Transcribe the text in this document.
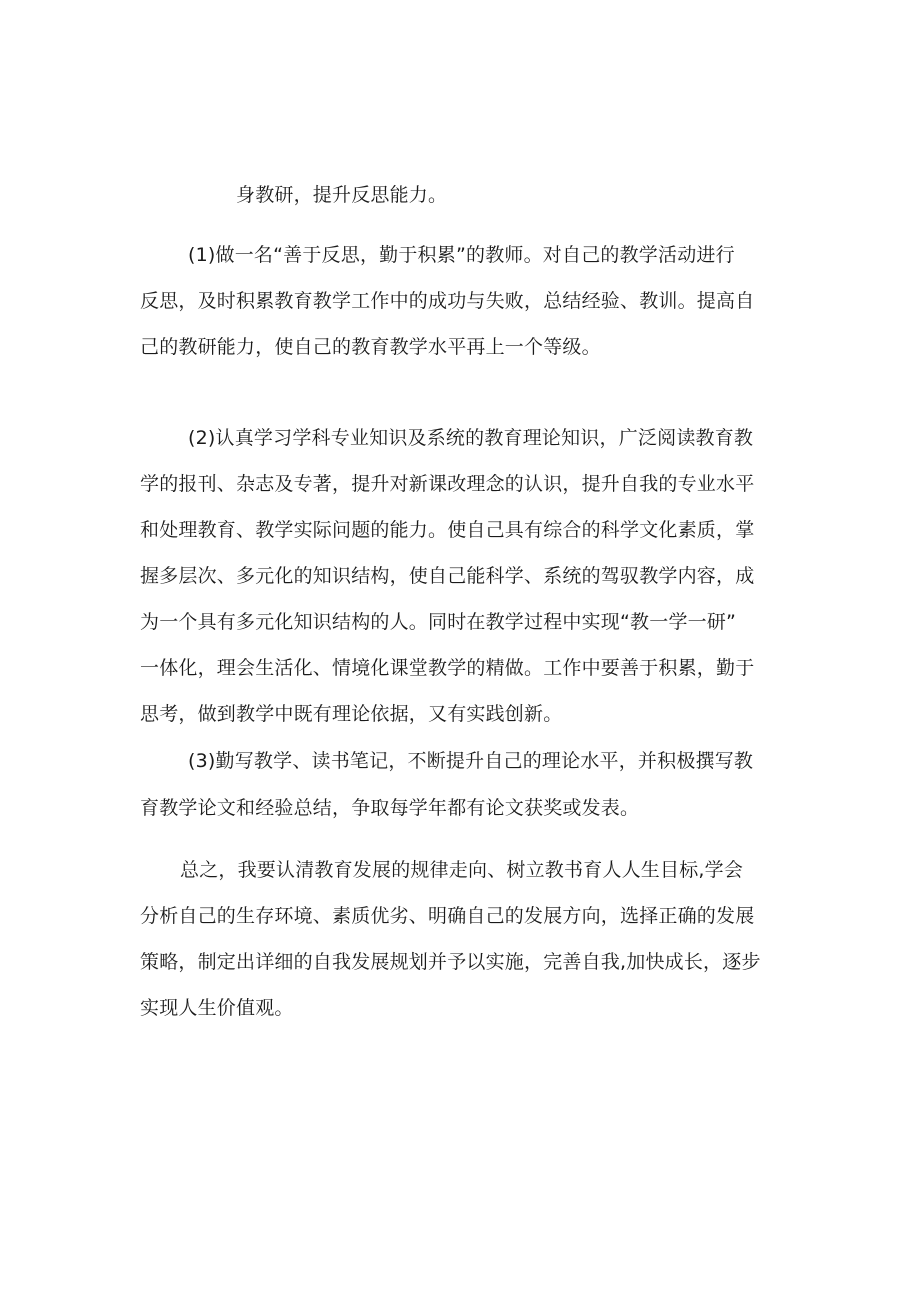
身教研，提升反思能力。
(1)做一名“善于反思，勤于积累”的教师。对自己的教学活动进行
反思，及时积累教育教学工作中的成功与失败，总结经验、教训。提高自
己的教研能力，使自己的教育教学水平再上一个等级。
(2)认真学习学科专业知识及系统的教育理论知识，广泛阅读教育教
学的报刊、杂志及专著，提升对新课改理念的认识，提升自我的专业水平
和处理教育、教学实际问题的能力。使自己具有综合的科学文化素质，掌
握多层次、多元化的知识结构，使自己能科学、系统的驾驭教学内容，成
为一个具有多元化知识结构的人。同时在教学过程中实现“教一学一研”
一体化，理会生活化、情境化课堂教学的精做。工作中要善于积累，勤于
思考，做到教学中既有理论依据，又有实践创新。
(3)勤写教学、读书笔记，不断提升自己的理论水平，并积极撰写教
育教学论文和经验总结，争取每学年都有论文获奖或发表。
总之，我要认清教育发展的规律走向、树立教书育人人生目标,学会
分析自己的生存环境、素质优劣、明确自己的发展方向，选择正确的发展
策略，制定出详细的自我发展规划并予以实施，完善自我,加快成长，逐步
实现人生价值观。
